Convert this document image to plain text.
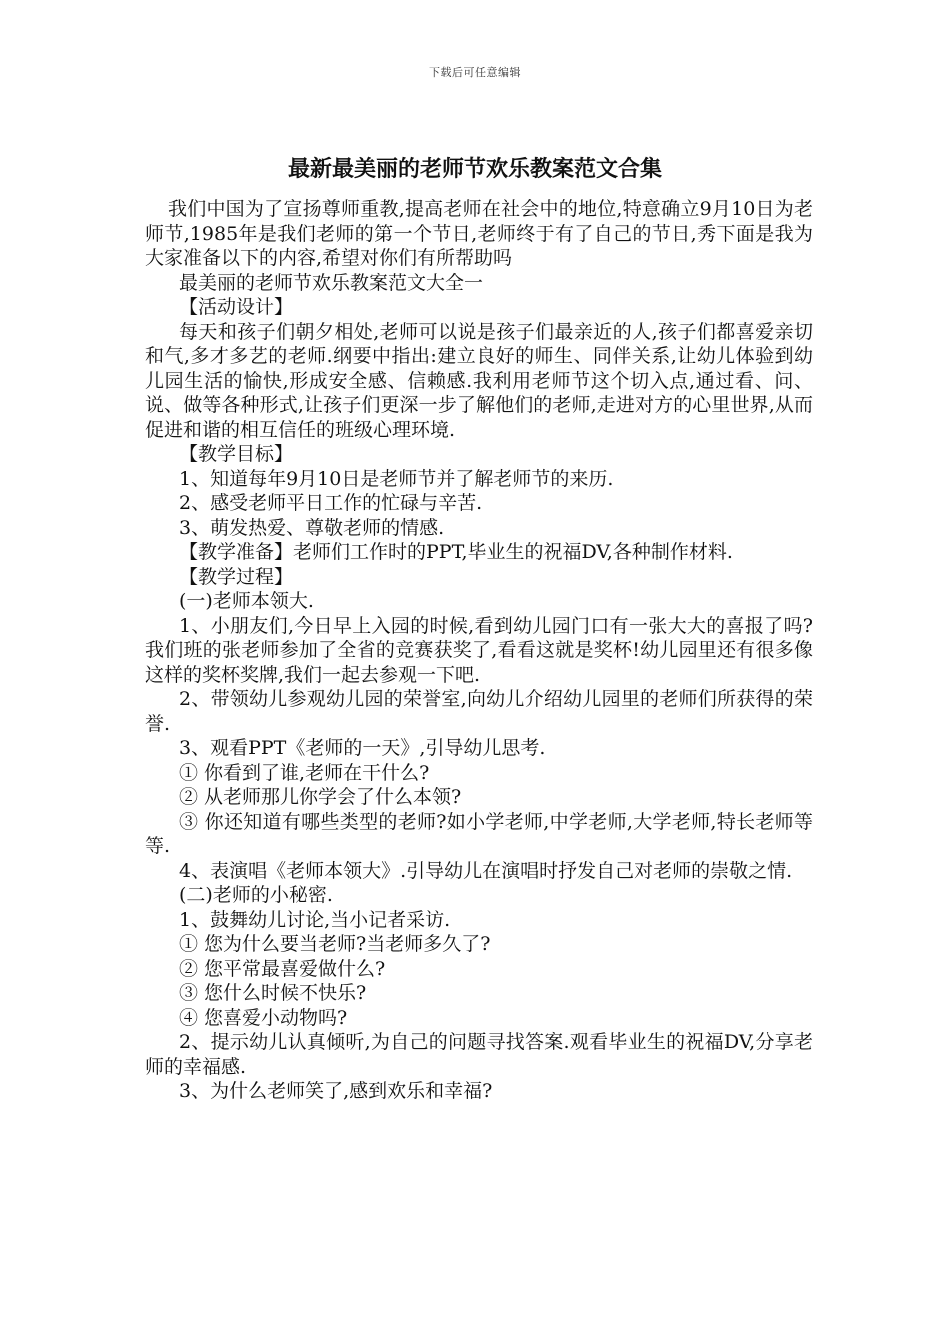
下载后可任意编辑
最新最美丽的老师节欢乐教案范文合集

我们中国为了宣扬尊师重教,提高老师在社会中的地位,特意确立9月10日为老师节,1985年是我们老师的第一个节日,老师终于有了自己的节日,秀下面是我为大家准备以下的内容,希望对你们有所帮助吗

最美丽的老师节欢乐教案范文大全一

【活动设计】

每天和孩子们朝夕相处,老师可以说是孩子们最亲近的人,孩子们都喜爱亲切和气,多才多艺的老师.纲要中指出:建立良好的师生、同伴关系,让幼儿体验到幼儿园生活的愉快,形成安全感、信赖感.我利用老师节这个切入点,通过看、问、说、做等各种形式,让孩子们更深一步了解他们的老师,走进对方的心里世界,从而促进和谐的相互信任的班级心理环境.

【教学目标】

1、知道每年9月10日是老师节并了解老师节的来历.

2、感受老师平日工作的忙碌与辛苦.

3、萌发热爱、尊敬老师的情感.

【教学准备】老师们工作时的PPT,毕业生的祝福DV,各种制作材料.

【教学过程】

(一)老师本领大.

1、小朋友们,今日早上入园的时候,看到幼儿园门口有一张大大的喜报了吗?我们班的张老师参加了全省的竞赛获奖了,看看这就是奖杯!幼儿园里还有很多像这样的奖杯奖牌,我们一起去参观一下吧.

2、带领幼儿参观幼儿园的荣誉室,向幼儿介绍幼儿园里的老师们所获得的荣誉.

3、观看PPT《老师的一天》,引导幼儿思考.

① 你看到了谁,老师在干什么?

② 从老师那儿你学会了什么本领?

③ 你还知道有哪些类型的老师?如小学老师,中学老师,大学老师,特长老师等等.

4、表演唱《老师本领大》.引导幼儿在演唱时抒发自己对老师的崇敬之情.

(二)老师的小秘密.

1、鼓舞幼儿讨论,当小记者采访.

① 您为什么要当老师?当老师多久了?

② 您平常最喜爱做什么?

③ 您什么时候不快乐?

④ 您喜爱小动物吗?

2、提示幼儿认真倾听,为自己的问题寻找答案.观看毕业生的祝福DV,分享老师的幸福感.

3、为什么老师笑了,感到欢乐和幸福?
